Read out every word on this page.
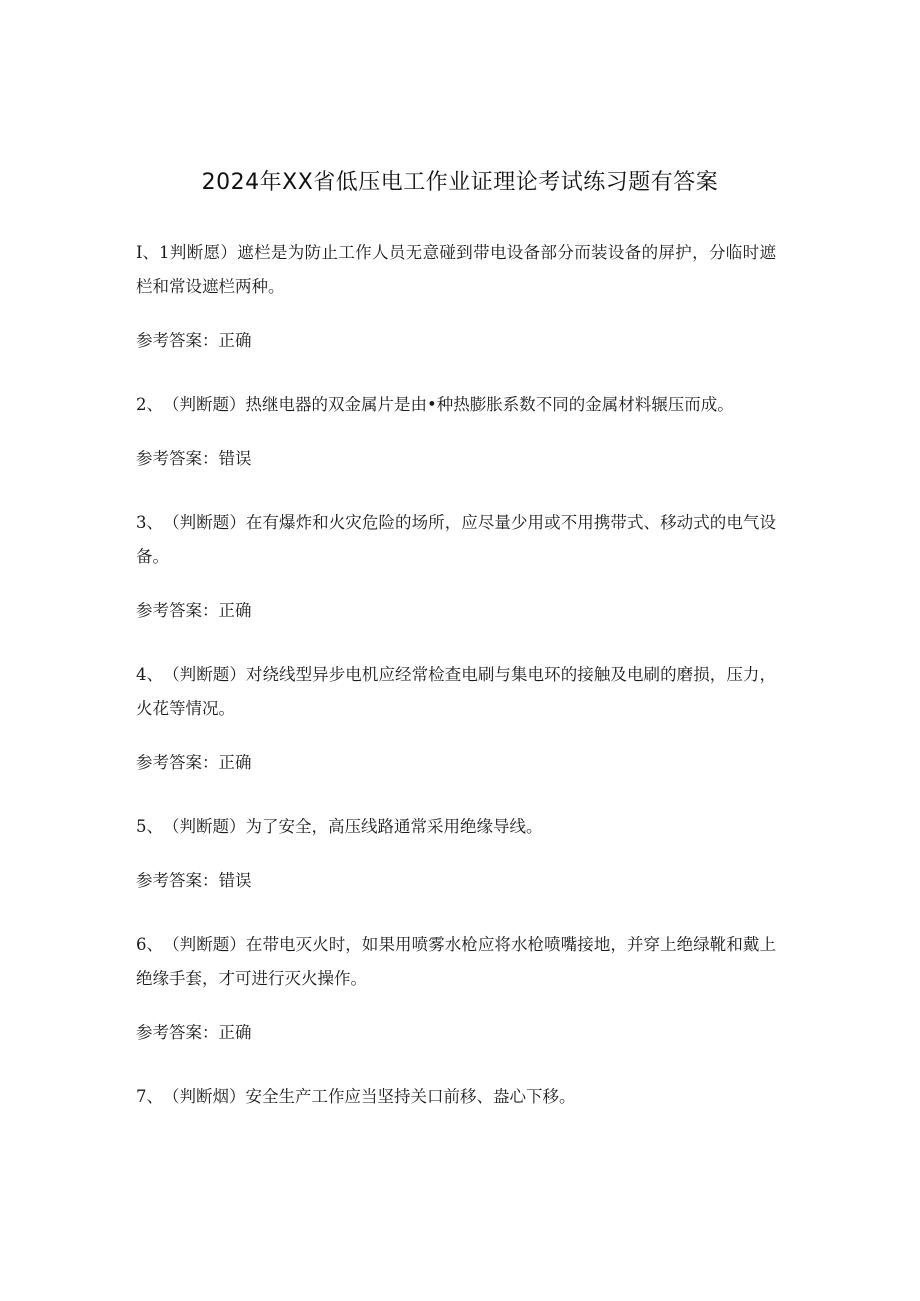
2024年XX省低压电工作业证理论考试练习题有答案

I、1判断愿）遮栏是为防止工作人员无意碰到带电设备部分而装设备的屏护，分临时遮栏和常设遮栏两种。

参考答案：正确

2、（判断题）热继电器的双金属片是由•种热膨胀系数不同的金属材料辗压而成。

参考答案：错误

3、（判断题）在有爆炸和火灾危险的场所，应尽量少用或不用携带式、移动式的电气设备。

参考答案：正确

4、（判断题）对绕线型异步电机应经常检查电刷与集电环的接触及电刷的磨损，压力，火花等情况。

参考答案：正确

5、（判断题）为了安全，高压线路通常采用绝缘导线。

参考答案：错误

6、（判断题）在带电灭火时，如果用喷雾水枪应将水枪喷嘴接地，并穿上绝绿靴和戴上绝缘手套，才可进行灭火操作。

参考答案：正确

7、（判断烟）安全生产工作应当坚持关口前移、盎心下移。
